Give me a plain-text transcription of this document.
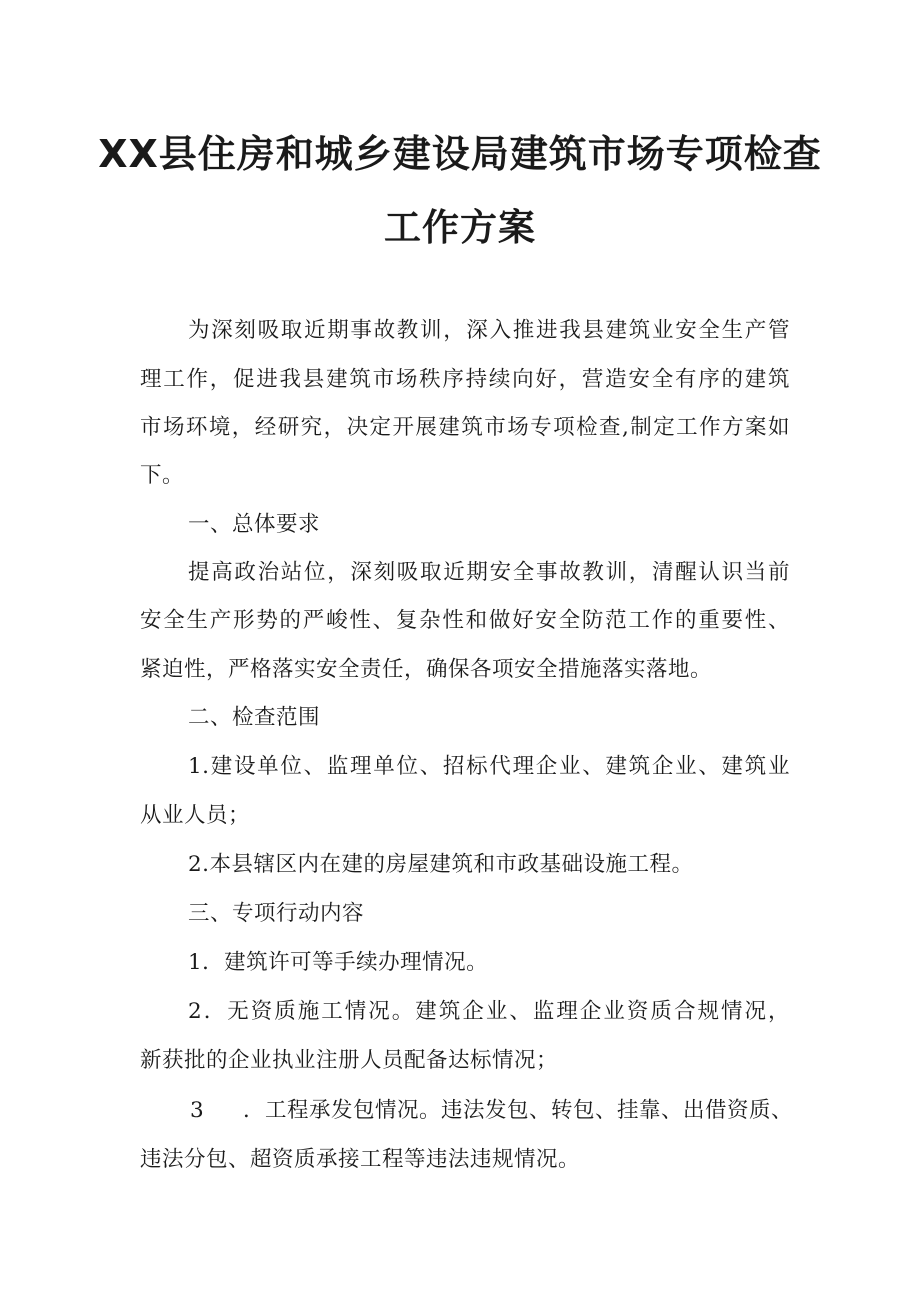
XX县住房和城乡建设局建筑市场专项检查
工作方案
为深刻吸取近期事故教训，深入推进我县建筑业安全生产管
理工作，促进我县建筑市场秩序持续向好，营造安全有序的建筑
市场环境，经研究，决定开展建筑市场专项检查,制定工作方案如
下。
一、总体要求
提高政治站位，深刻吸取近期安全事故教训，清醒认识当前
安全生产形势的严峻性、复杂性和做好安全防范工作的重要性、
紧迫性，严格落实安全责任，确保各项安全措施落实落地。
二、检查范围
1.建设单位、监理单位、招标代理企业、建筑企业、建筑业
从业人员；
2.本县辖区内在建的房屋建筑和市政基础设施工程。
三、专项行动内容
1．建筑许可等手续办理情况。
2．无资质施工情况。建筑企业、监理企业资质合规情况，
新获批的企业执业注册人员配备达标情况；
3	．工程承发包情况。违法发包、转包、挂靠、出借资质、
违法分包、超资质承接工程等违法违规情况。
